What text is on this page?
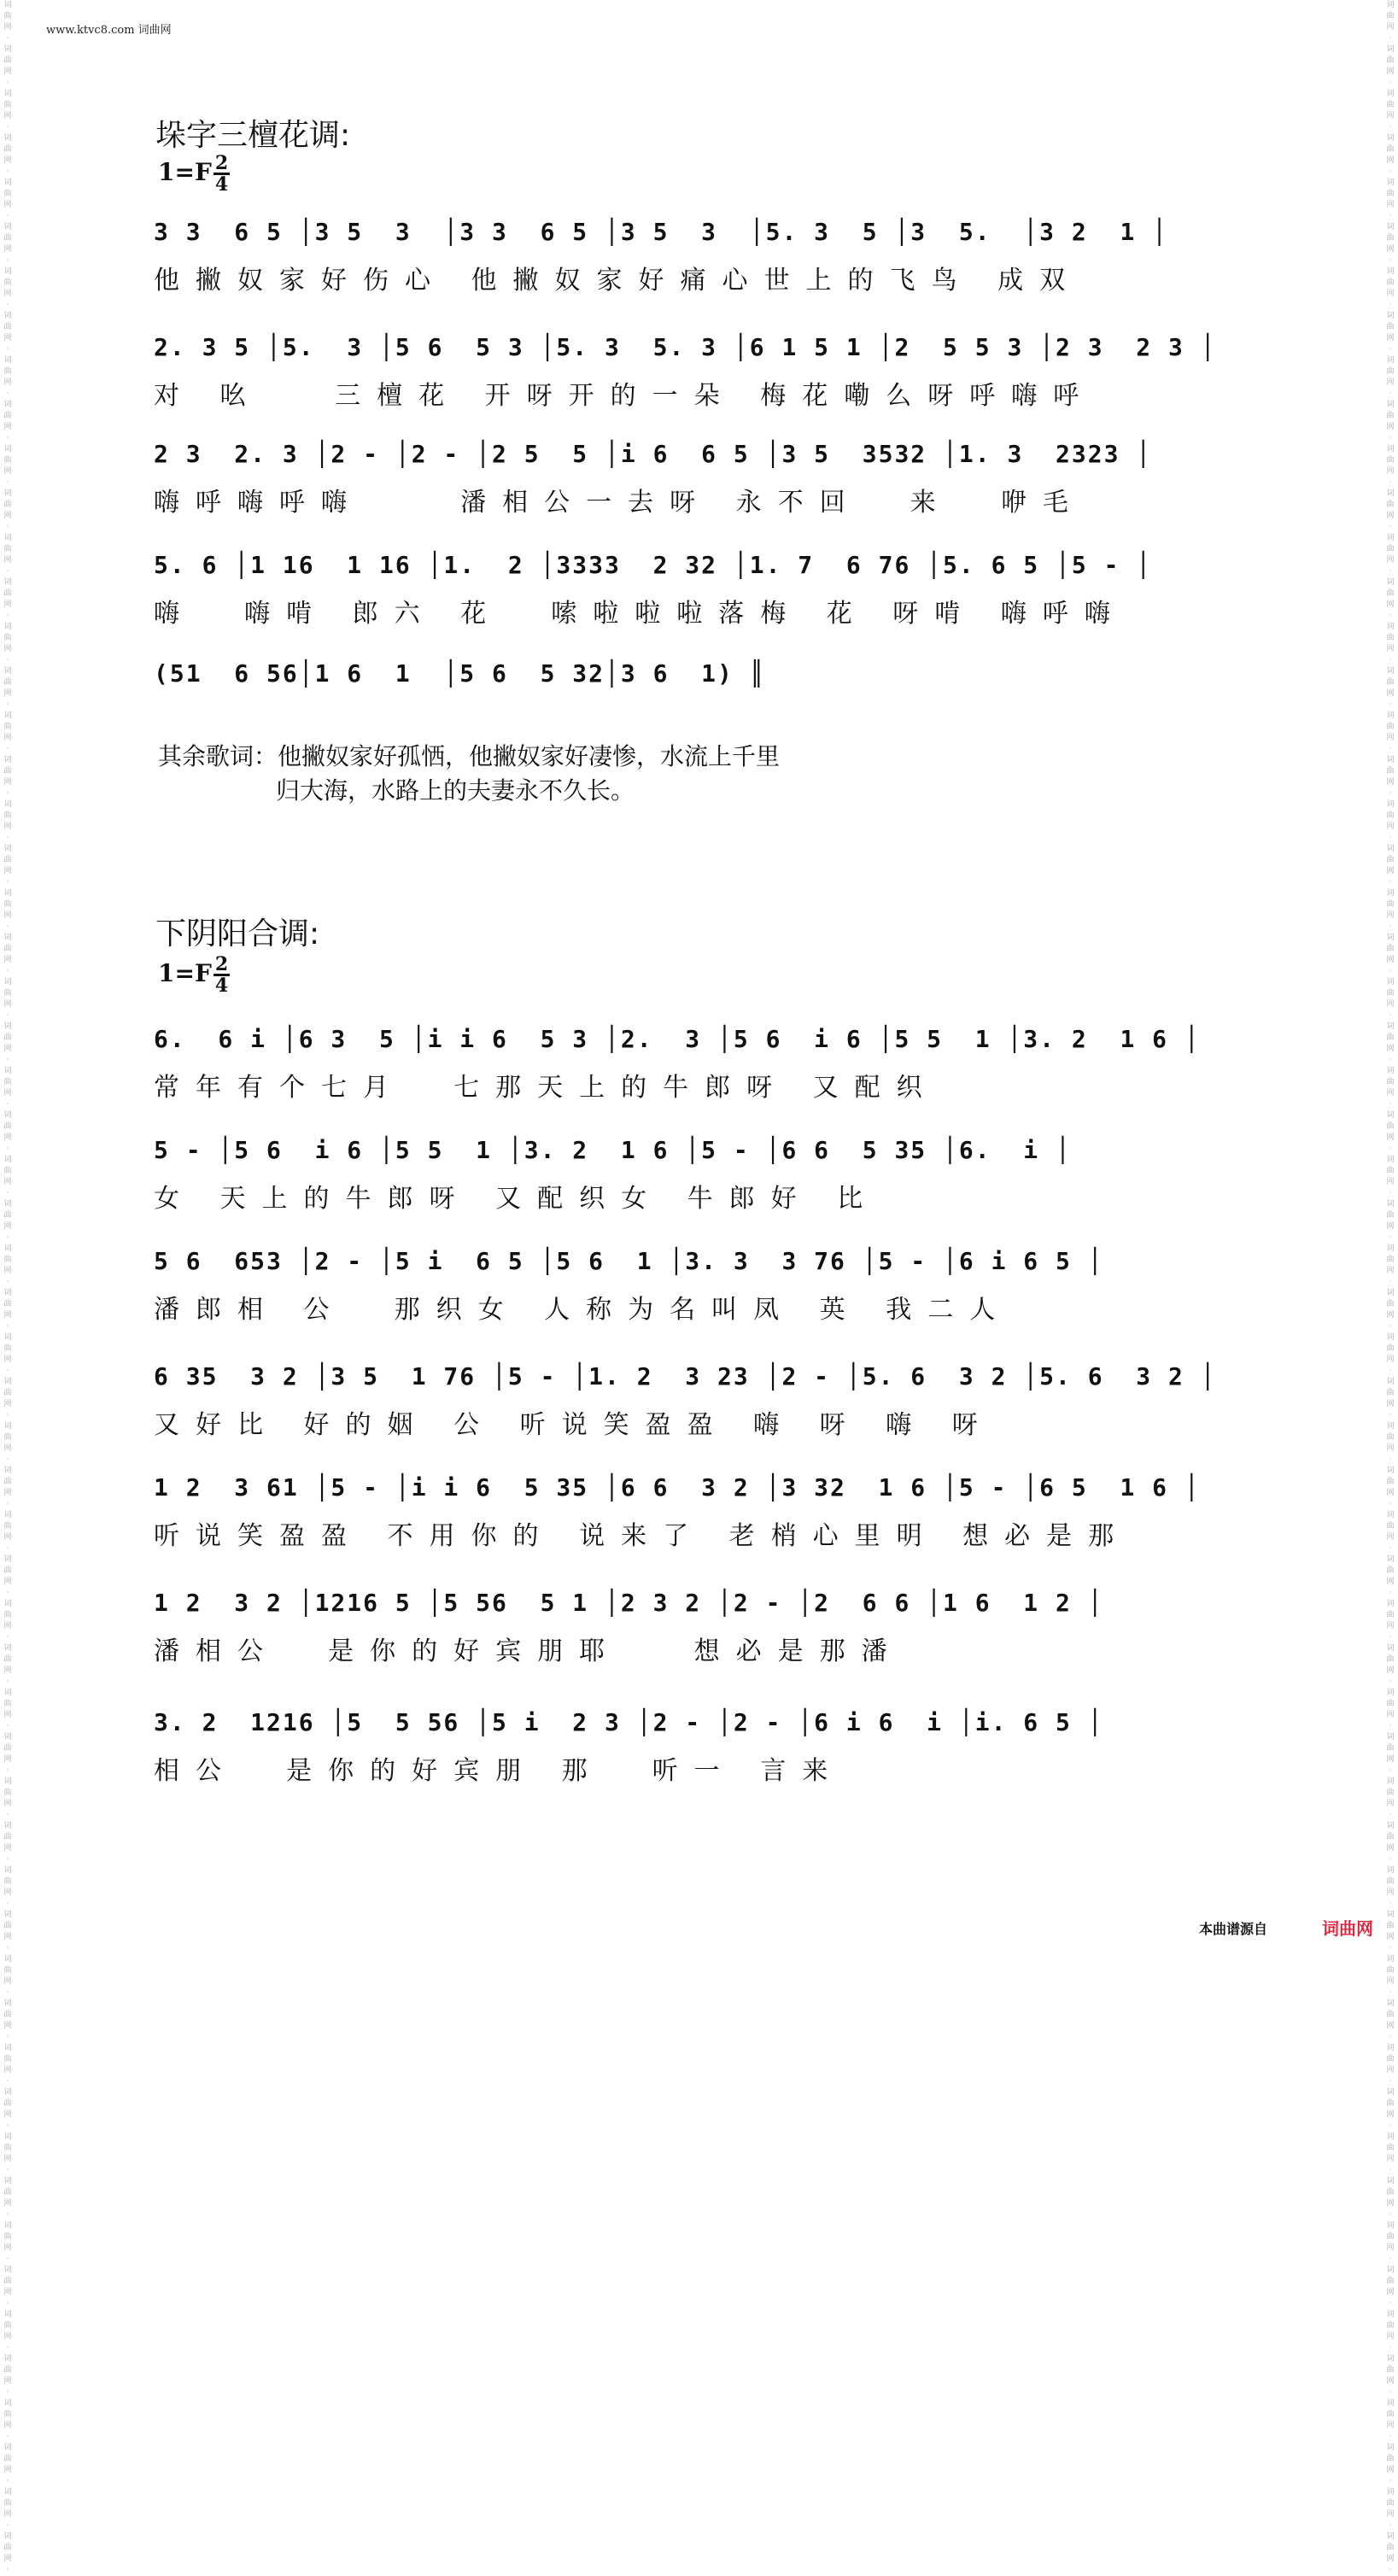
词
曲
网
·
词
曲
网
·
词
曲
网
·
词
曲
网
·
词
曲
网
·
词
曲
网
·
词
曲
网
·
词
曲
网
·
词
曲
网
·
词
曲
网
·
词
曲
网
·
词
曲
网
·
词
曲
网
·
词
曲
网
·
词
曲
网
·
词
曲
网
·
词
曲
网
·
词
曲
网
·
词
曲
网
·
词
曲
网
·
词
曲
网
·
词
曲
网
·
词
曲
网
·
词
曲
网
·
词
曲
网
·
词
曲
网
·
词
曲
网
·
词
曲
网
·
词
曲
网
·
词
曲
网
·
词
曲
网
·
词
曲
网
·
词
曲
网
·
词
曲
网
·
词
曲
网
·
词
曲
网
·
词
曲
网
·
词
曲
网
·
词
曲
网
·
词
曲
网
·
词
曲
网
·
词
曲
网
·
词
曲
网
·
词
曲
网
·
词
曲
网
·
词
曲
网
·
词
曲
网
·
词
曲
网
·
词
曲
网
·
词
曲
网
·
词
曲
网
·
词
曲
网
·
词
曲
网
·
词
曲
网
·
词
曲
网
·
词
曲
网
·
词
曲
网
·
词
曲
网
·
词
曲
网
·
词
曲
网
·
词
曲
网
·
词
曲
网
·
词
曲
网
·
词
曲
网
·
词
曲
网
·
词
曲
网
·
词
曲
网
·
词
曲
网
·
词
曲
网
·
词
曲
网
·
词
曲
网
·
词
曲
网
·
词
曲
网
·
词
曲
网
·
词
曲
网
·
词
曲
网
·
词
曲
网
·
词
曲
网
·
词
曲
网
·
词
曲
网
·
词
曲
网
·
词
曲
网
·
词
曲
网
·
词
曲
网
·
词
曲
网
·
词
曲
网
·
词
曲
网
·
词
曲
网
·
词
曲
网
·
词
曲
网
·
词
曲
网
·
词
曲
网
·
词
曲
网
·
词
曲
网
·
词
曲
网
·
词
曲
网
·
词
曲
网
·
词
曲
网
·
词
曲
网
·
词
曲
网
·
词
曲
网
·
词
曲
网
·
词
曲
网
·
词
曲
网
·
词
曲
网
·
词
曲
网
·
词
曲
网
·
词
曲
网
·
词
曲
网
·
词
曲
网
·
词
曲
网
·
词
曲
网
·
词
曲
网
·
词
曲
网
·
词
曲
网
·
词
曲
网
·
www.ktvc8.com 词曲网
垛字三檀花调:
$1=F \frac{2}{4}$
3 3  6 5 │3 5  3  │3 3  6 5 │3 5  3  │5. 3  5 │3  5.  │3 2  1 │
他撇奴家好伤心 他撇奴家好痛心世上的飞鸟 成双
2. 3 5 │5.  3 │5 6  5 3 │5. 3  5. 3 │6 1 5 1 │2  5 5 3 │2 3  2 3 │
对 吆   三檀花 开呀开的一朵 梅花嘞么呀呼嗨呼
2 3  2. 3 │2 - │2 - │2 5  5 │i 6  6 5 │3 5  3532 │1. 3  2323 │
嗨呼嗨呼嗨    潘相公一去呀 永不回  来  咿毛
5. 6 │1 16  1 16 │1.  2 │3333  2 32 │1. 7  6 76 │5. 6 5 │5 - │
嗨  嗨啃 郎六 花  嗦啦啦啦落梅 花 呀啃 嗨呼嗨
(51  6 56│1 6  1  │5 6  5 32│3 6  1) ║
其余歌词：他撇奴家好孤恓，他撇奴家好凄惨，水流上千里
归大海，水路上的夫妻永不久长。
下阴阳合调:
$1=F \frac{2}{4}$
6.  6 i │6 3  5 │i i 6  5 3 │2.  3 │5 6  i 6 │5 5  1 │3. 2  1 6 │
常年有个七月  七那天上的牛郎呀 又配织
5 - │5 6  i 6 │5 5  1 │3. 2  1 6 │5 - │6 6  5 35 │6.  i │
女 天上的牛郎呀 又配织女 牛郎好 比
5 6  653 │2 - │5 i  6 5 │5 6  1 │3. 3  3 76 │5 - │6 i 6 5 │
潘郎相 公  那织女 人称为名叫凤 英 我二人
6 35  3 2 │3 5  1 76 │5 - │1. 2  3 23 │2 - │5. 6  3 2 │5. 6  3 2 │
又好比 好的姻 公 听说笑盈盈 嗨 呀 嗨 呀
1 2  3 61 │5 - │i i 6  5 35 │6 6  3 2 │3 32  1 6 │5 - │6 5  1 6 │
听说笑盈盈 不用你的 说来了 老梢心里明 想必是那
1 2  3 2 │1216 5 │5 56  5 1 │2 3 2 │2 - │2  6 6 │1 6  1 2 │
潘相公  是你的好宾朋耶   想必是那潘
3. 2  1216 │5  5 56 │5 i  2 3 │2 - │2 - │6 i 6  i │i. 6 5 │
相公  是你的好宾朋 那  听一 言来
本曲谱源自	词曲网
